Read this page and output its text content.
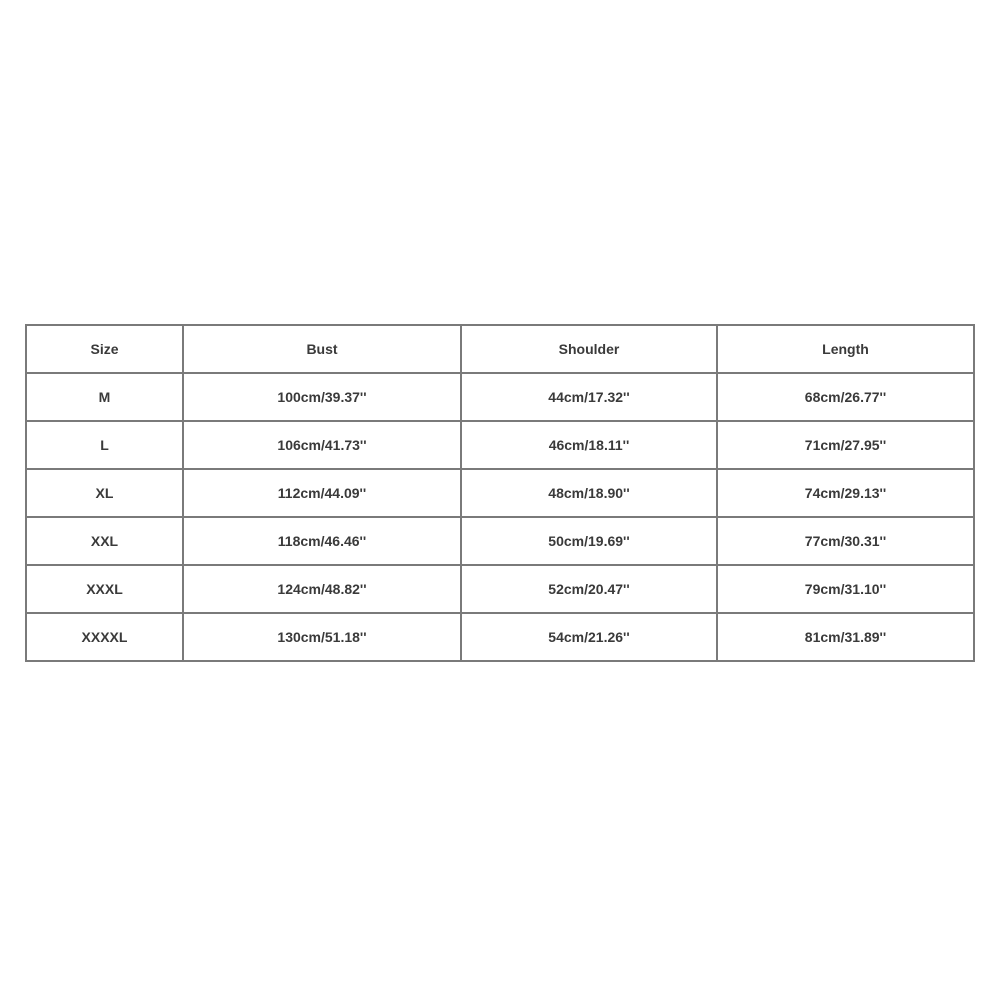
Size	Bust	Shoulder	Length
M	100cm/39.37''	44cm/17.32''	68cm/26.77''
L	106cm/41.73''	46cm/18.11''	71cm/27.95''
XL	112cm/44.09''	48cm/18.90''	74cm/29.13''
XXL	118cm/46.46''	50cm/19.69''	77cm/30.31''
XXXL	124cm/48.82''	52cm/20.47''	79cm/31.10''
XXXXL	130cm/51.18''	54cm/21.26''	81cm/31.89''
